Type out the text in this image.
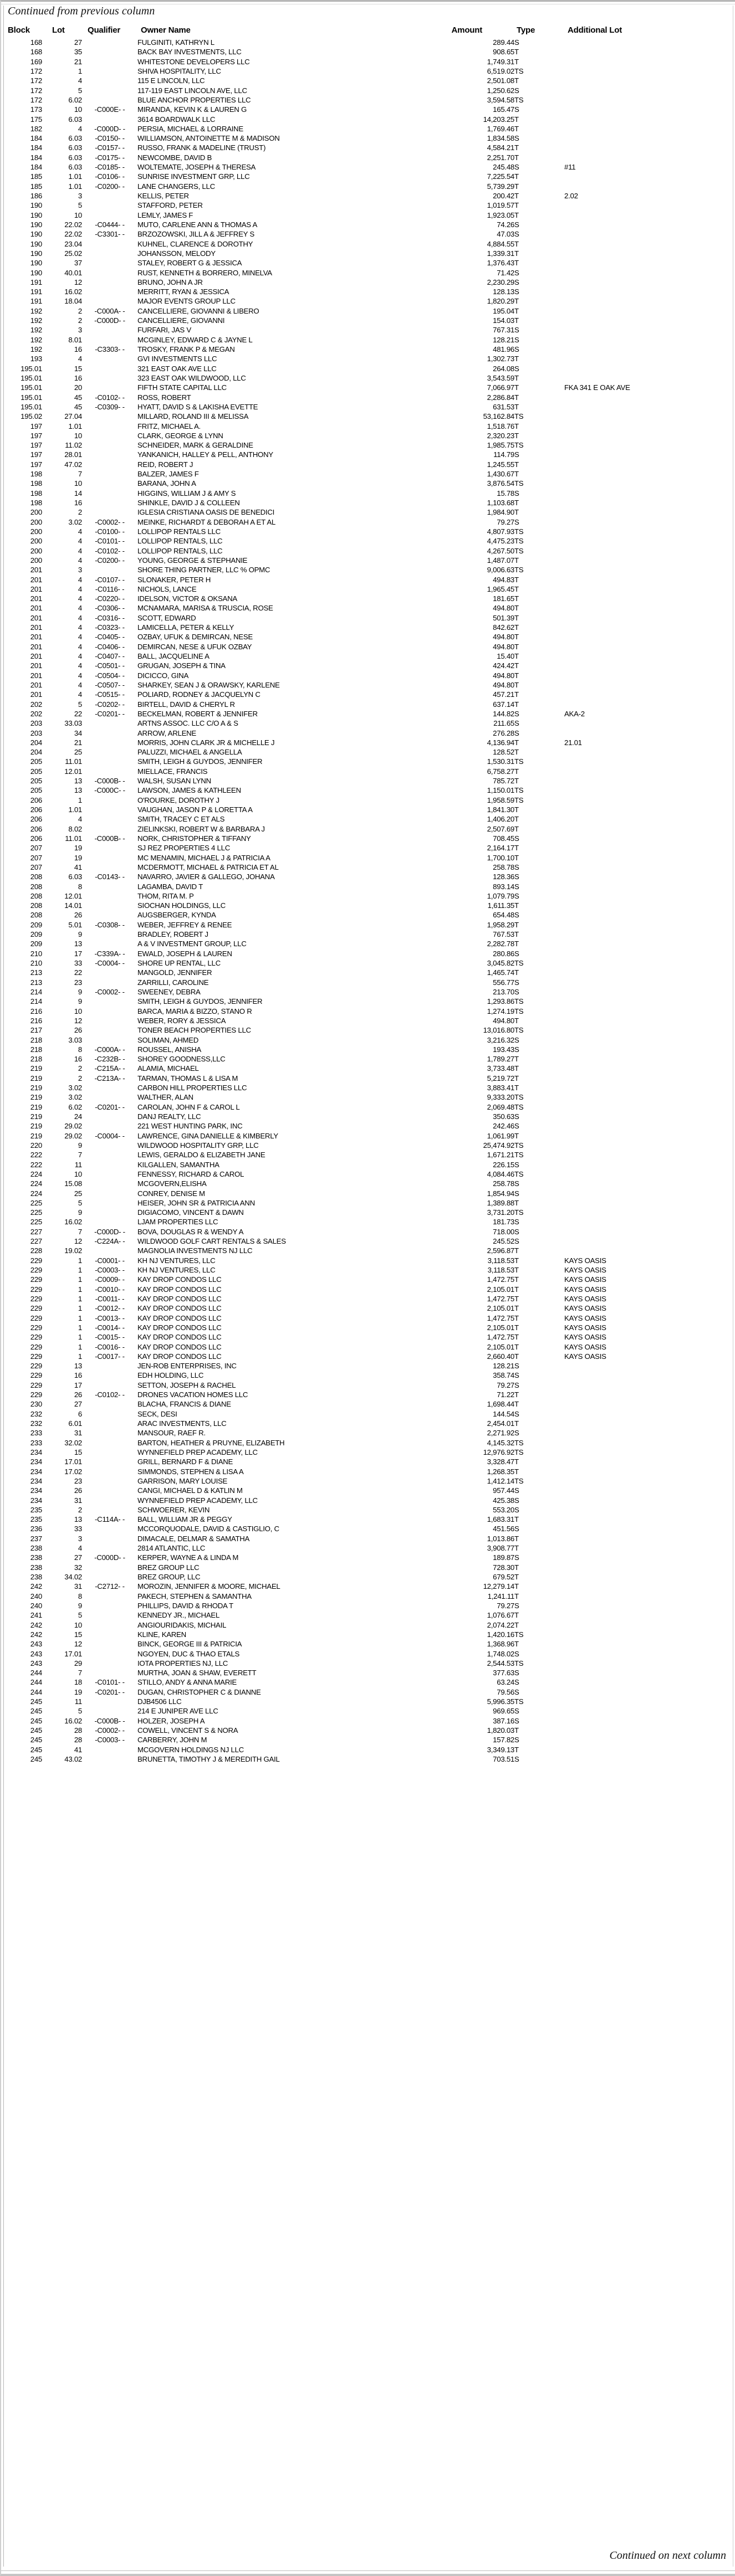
Continued from previous column
Block	Lot	Qualifier	Owner Name	Amount	Type	Additional Lot
168	27		FULGINITI, KATHRYN L	289.44	S	
168	35		BACK BAY INVESTMENTS, LLC	908.65	T	
169	21		WHITESTONE DEVELOPERS LLC	1,749.31	T	
172	1		SHIVA HOSPITALITY, LLC	6,519.02	TS	
172	4		115 E LINCOLN, LLC	2,501.08	T	
172	5		117-119 EAST LINCOLN AVE, LLC	1,250.62	S	
172	6.02		BLUE ANCHOR PROPERTIES LLC	3,594.58	TS	
173	10	-C000E- -	MIRANDA, KEVIN K & LAUREN G	165.47	S	
175	6.03		3614 BOARDWALK LLC	14,203.25	T	
182	4	-C000D- -	PERSIA, MICHAEL & LORRAINE	1,769.46	T	
184	6.03	-C0150- -	WILLIAMSON, ANTOINETTE M & MADISON	1,834.58	S	
184	6.03	-C0157- -	RUSSO, FRANK & MADELINE (TRUST)	4,584.21	T	
184	6.03	-C0175- -	NEWCOMBE, DAVID B	2,251.70	T	
184	6.03	-C0185- -	WOLTEMATE, JOSEPH & THERESA	245.48	S	#11
185	1.01	-C0106- -	SUNRISE INVESTMENT GRP, LLC	7,225.54	T	
185	1.01	-C0200- -	LANE CHANGERS, LLC	5,739.29	T	
186	3		KELLIS, PETER	200.42	T	2.02
190	5		STAFFORD, PETER	1,019.57	T	
190	10		LEMLY, JAMES F	1,923.05	T	
190	22.02	-C0444- -	MUTO, CARLENE ANN & THOMAS A	74.26	S	
190	22.02	-C3301- -	BRZOZOWSKI, JILL A & JEFFREY S	47.03	S	
190	23.04		KUHNEL, CLARENCE & DOROTHY	4,884.55	T	
190	25.02		JOHANSSON, MELODY	1,339.31	T	
190	37		STALEY, ROBERT G & JESSICA	1,376.43	T	
190	40.01		RUST, KENNETH & BORRERO, MINELVA	71.42	S	
191	12		BRUNO, JOHN A JR	2,230.29	S	
191	16.02		MERRITT, RYAN & JESSICA	128.13	S	
191	18.04		MAJOR EVENTS GROUP LLC	1,820.29	T	
192	2	-C000A- -	CANCELLIERE, GIOVANNI & LIBERO	195.04	T	
192	2	-C000D- -	CANCELLIERE, GIOVANNI	154.03	T	
192	3		FURFARI, JAS V	767.31	S	
192	8.01		MCGINLEY, EDWARD C & JAYNE L	128.21	S	
192	16	-C3303- -	TROSKY, FRANK P & MEGAN	481.96	S	
193	4		GVI INVESTMENTS LLC	1,302.73	T	
195.01	15		321 EAST OAK AVE LLC	264.08	S	
195.01	16		323 EAST OAK WILDWOOD, LLC	3,543.59	T	
195.01	20		FIFTH STATE CAPITAL LLC	7,066.97	T	FKA 341 E OAK AVE
195.01	45	-C0102- -	ROSS, ROBERT	2,286.84	T	
195.01	45	-C0309- -	HYATT, DAVID S & LAKISHA EVETTE	631.53	T	
195.02	27.04		MILLARD, ROLAND III & MELISSA	53,162.84	TS	
197	1.01		FRITZ, MICHAEL A.	1,518.76	T	
197	10		CLARK, GEORGE & LYNN	2,320.23	T	
197	11.02		SCHNEIDER, MARK & GERALDINE	1,985.75	TS	
197	28.01		YANKANICH, HALLEY & PELL, ANTHONY	114.79	S	
197	47.02		REID, ROBERT J	1,245.55	T	
198	7		BALZER, JAMES F	1,430.67	T	
198	10		BARANA, JOHN A	3,876.54	TS	
198	14		HIGGINS, WILLIAM J & AMY S	15.78	S	
198	16		SHINKLE, DAVID J & COLLEEN	1,103.68	T	
200	2		IGLESIA CRISTIANA OASIS DE BENEDICI	1,984.90	T	
200	3.02	-C0002- -	MEINKE, RICHARDT & DEBORAH A ET AL	79.27	S	
200	4	-C0100- -	LOLLIPOP RENTALS LLC	4,807.93	TS	
200	4	-C0101- -	LOLLIPOP RENTALS, LLC	4,475.23	TS	
200	4	-C0102- -	LOLLIPOP RENTALS, LLC	4,267.50	TS	
200	4	-C0200- -	YOUNG, GEORGE & STEPHANIE	1,487.07	T	
201	3		SHORE THING PARTNER, LLC % OPMC	9,006.63	TS	
201	4	-C0107- -	SLONAKER, PETER H	494.83	T	
201	4	-C0116- -	NICHOLS, LANCE	1,965.45	T	
201	4	-C0220- -	IDELSON, VICTOR & OKSANA	181.65	T	
201	4	-C0306- -	MCNAMARA, MARISA & TRUSCIA, ROSE	494.80	T	
201	4	-C0316- -	SCOTT, EDWARD	501.39	T	
201	4	-C0323- -	LAMICELLA, PETER & KELLY	842.62	T	
201	4	-C0405- -	OZBAY, UFUK & DEMIRCAN, NESE	494.80	T	
201	4	-C0406- -	DEMIRCAN, NESE & UFUK OZBAY	494.80	T	
201	4	-C0407- -	BALL, JACQUELINE A	15.40	T	
201	4	-C0501- -	GRUGAN, JOSEPH & TINA	424.42	T	
201	4	-C0504- -	DICICCO, GINA	494.80	T	
201	4	-C0507- -	SHARKEY, SEAN J & ORAWSKY, KARLENE	494.80	T	
201	4	-C0515- -	POLIARD, RODNEY & JACQUELYN C	457.21	T	
202	5	-C0202- -	BIRTELL, DAVID & CHERYL R	637.14	T	
202	22	-C0201- -	BECKELMAN, ROBERT & JENNIFER	144.82	S	AKA-2
203	33.03		ARTNS ASSOC. LLC C/O A & S	211.65	S	
203	34		ARROW, ARLENE	276.28	S	
204	21		MORRIS, JOHN CLARK JR & MICHELLE J	4,136.94	T	21.01
204	25		PALUZZI, MICHAEL & ANGELLA	128.52	T	
205	11.01		SMITH, LEIGH & GUYDOS, JENNIFER	1,530.31	TS	
205	12.01		MIELLACE, FRANCIS	6,758.27	T	
205	13	-C000B- -	WALSH, SUSAN LYNN	785.72	T	
205	13	-C000C- -	LAWSON, JAMES & KATHLEEN	1,150.01	TS	
206	1		O'ROURKE, DOROTHY J	1,958.59	TS	
206	1.01		VAUGHAN, JASON P & LORETTA A	1,841.30	T	
206	4		SMITH, TRACEY C ET ALS	1,406.20	T	
206	8.02		ZIELINKSKI, ROBERT W & BARBARA J	2,507.69	T	
206	11.01	-C000B- -	NORK, CHRISTOPHER & TIFFANY	708.45	S	
207	19		SJ REZ PROPERTIES 4 LLC	2,164.17	T	
207	19		MC MENAMIN, MICHAEL J & PATRICIA A	1,700.10	T	
207	41		MCDERMOTT, MICHAEL & PATRICIA ET AL	258.78	S	
208	6.03	-C0143- -	NAVARRO, JAVIER & GALLEGO, JOHANA	128.36	S	
208	8		LAGAMBA, DAVID T	893.14	S	
208	12.01		THOM, RITA M. P	1,079.79	S	
208	14.01		SIOCHAN HOLDINGS, LLC	1,611.35	T	
208	26		AUGSBERGER, KYNDA	654.48	S	
209	5.01	-C0308- -	WEBER, JEFFREY & RENEE	1,958.29	T	
209	9		BRADLEY, ROBERT J	767.53	T	
209	13		A & V INVESTMENT GROUP, LLC	2,282.78	T	
210	17	-C339A- -	EWALD, JOSEPH & LAUREN	280.86	S	
210	33	-C0004- -	SHORE UP RENTAL, LLC	3,045.82	TS	
213	22		MANGOLD, JENNIFER	1,465.74	T	
213	23		ZARRILLI, CAROLINE	556.77	S	
214	9	-C0002- -	SWEENEY, DEBRA	213.70	S	
214	9		SMITH, LEIGH & GUYDOS, JENNIFER	1,293.86	TS	
216	10		BARCA, MARIA & BIZZO, STANO R	1,274.19	TS	
216	12		WEBER, RORY & JESSICA	494.80	T	
217	26		TONER BEACH PROPERTIES LLC	13,016.80	TS	
218	3.03		SOLIMAN, AHMED	3,216.32	S	
218	8	-C000A- -	ROUSSEL, ANISHA	193.43	S	
218	16	-C232B- -	SHOREY GOODNESS,LLC	1,789.27	T	
219	2	-C215A- -	ALAMIA, MICHAEL	3,733.48	T	
219	2	-C213A- -	TARMAN, THOMAS L & LISA M	5,219.72	T	
219	3.02		CARBON HILL PROPERTIES LLC	3,883.41	T	
219	3.02		WALTHER, ALAN	9,333.20	TS	
219	6.02	-C0201- -	CAROLAN, JOHN F & CAROL L	2,069.48	TS	
219	24		DANJ REALTY, LLC	350.63	S	
219	29.02		221 WEST HUNTING PARK, INC	242.46	S	
219	29.02	-C0004- -	LAWRENCE, GINA DANIELLE & KIMBERLY	1,061.99	T	
220	9		WILDWOOD HOSPITALITY GRP, LLC	25,474.92	TS	
222	7		LEWIS, GERALDO & ELIZABETH JANE	1,671.21	TS	
222	11		KILGALLEN, SAMANTHA	226.15	S	
224	10		FENNESSY, RICHARD & CAROL	4,084.46	TS	
224	15.08		MCGOVERN,ELISHA	258.78	S	
224	25		CONREY, DENISE M	1,854.94	S	
225	5		HEISER, JOHN SR & PATRICIA ANN	1,389.88	T	
225	9		DIGIACOMO, VINCENT & DAWN	3,731.20	TS	
225	16.02		LJAM PROPERTIES LLC	181.73	S	
227	7	-C000D- -	BOVA, DOUGLAS R & WENDY A	718.00	S	
227	12	-C224A- -	WILDWOOD GOLF CART RENTALS & SALES	245.52	S	
228	19.02		MAGNOLIA INVESTMENTS NJ LLC	2,596.87	T	
229	1	-C0001- -	KH NJ VENTURES, LLC	3,118.53	T	KAYS OASIS
229	1	-C0003- -	KH NJ VENTURES, LLC	3,118.53	T	KAYS OASIS
229	1	-C0009- -	KAY DROP CONDOS LLC	1,472.75	T	KAYS OASIS
229	1	-C0010- -	KAY DROP CONDOS LLC	2,105.01	T	KAYS OASIS
229	1	-C0011- -	KAY DROP CONDOS LLC	1,472.75	T	KAYS OASIS
229	1	-C0012- -	KAY DROP CONDOS LLC	2,105.01	T	KAYS OASIS
229	1	-C0013- -	KAY DROP CONDOS LLC	1,472.75	T	KAYS OASIS
229	1	-C0014- -	KAY DROP CONDOS LLC	2,105.01	T	KAYS OASIS
229	1	-C0015- -	KAY DROP CONDOS LLC	1,472.75	T	KAYS OASIS
229	1	-C0016- -	KAY DROP CONDOS LLC	2,105.01	T	KAYS OASIS
229	1	-C0017- -	KAY DROP CONDOS LLC	2,660.40	T	KAYS OASIS
229	13		JEN-ROB ENTERPRISES, INC	128.21	S	
229	16		EDH HOLDING, LLC	358.74	S	
229	17		SETTON, JOSEPH & RACHEL	79.27	S	
229	26	-C0102- -	DRONES VACATION HOMES LLC	71.22	T	
230	27		BLACHA, FRANCIS & DIANE	1,698.44	T	
232	6		SECK, DESI	144.54	S	
232	6.01		ARAC INVESTMENTS, LLC	2,454.01	T	
233	31		MANSOUR, RAEF R.	2,271.92	S	
233	32.02		BARTON, HEATHER & PRUYNE, ELIZABETH	4,145.32	TS	
234	15		WYNNEFIELD PREP ACADEMY, LLC	12,976.92	TS	
234	17.01		GRILL, BERNARD F & DIANE	3,328.47	T	
234	17.02		SIMMONDS, STEPHEN & LISA A	1,268.35	T	
234	23		GARRISON, MARY LOUISE	1,412.14	TS	
234	26		CANGI, MICHAEL D & KATLIN M	957.44	S	
234	31		WYNNEFIELD PREP ACADEMY, LLC	425.38	S	
235	2		SCHWOERER, KEVIN	553.20	S	
235	13	-C114A- -	BALL, WILLIAM JR & PEGGY	1,683.31	T	
236	33		MCCORQUODALE, DAVID & CASTIGLIO, C	451.56	S	
237	3		DIMACALE, DELMAR & SAMATHA	1,013.86	T	
238	4		2814 ATLANTIC, LLC	3,908.77	T	
238	27	-C000D- -	KERPER, WAYNE A & LINDA M	189.87	S	
238	32		BREZ GROUP LLC	728.30	T	
238	34.02		BREZ GROUP, LLC	679.52	T	
242	31	-C2712- -	MOROZIN, JENNIFER & MOORE, MICHAEL	12,279.14	T	
240	8		PAKECH, STEPHEN & SAMANTHA	1,241.11	T	
240	9		PHILLIPS, DAVID & RHODA T	79.27	S	
241	5		KENNEDY JR., MICHAEL	1,076.67	T	
242	10		ANGIOURIDAKIS, MICHAIL	2,074.22	T	
242	15		KLINE, KAREN	1,420.16	TS	
243	12		BINCK, GEORGE III & PATRICIA	1,368.96	T	
243	17.01		NGOYEN, DUC & THAO ETALS	1,748.02	S	
243	29		IOTA PROPERTIES NJ, LLC	2,544.53	TS	
244	7		MURTHA, JOAN & SHAW, EVERETT	377.63	S	
244	18	-C0101- -	STILLO, ANDY & ANNA MARIE	63.24	S	
244	19	-C0201- -	DUGAN, CHRISTOPHER C & DIANNE	79.56	S	
245	11		DJB4506 LLC	5,996.35	TS	
245	5		214 E JUNIPER AVE LLC	969.65	S	
245	16.02	-C000B- -	HOLZER, JOSEPH A	387.16	S	
245	28	-C0002- -	COWELL, VINCENT S & NORA	1,820.03	T	
245	28	-C0003- -	CARBERRY, JOHN M	157.82	S	
245	41		MCGOVERN HOLDINGS NJ LLC	3,349.13	T	
245	43.02		BRUNETTA, TIMOTHY J & MEREDITH GAIL	703.51	S	
Continued on next column
